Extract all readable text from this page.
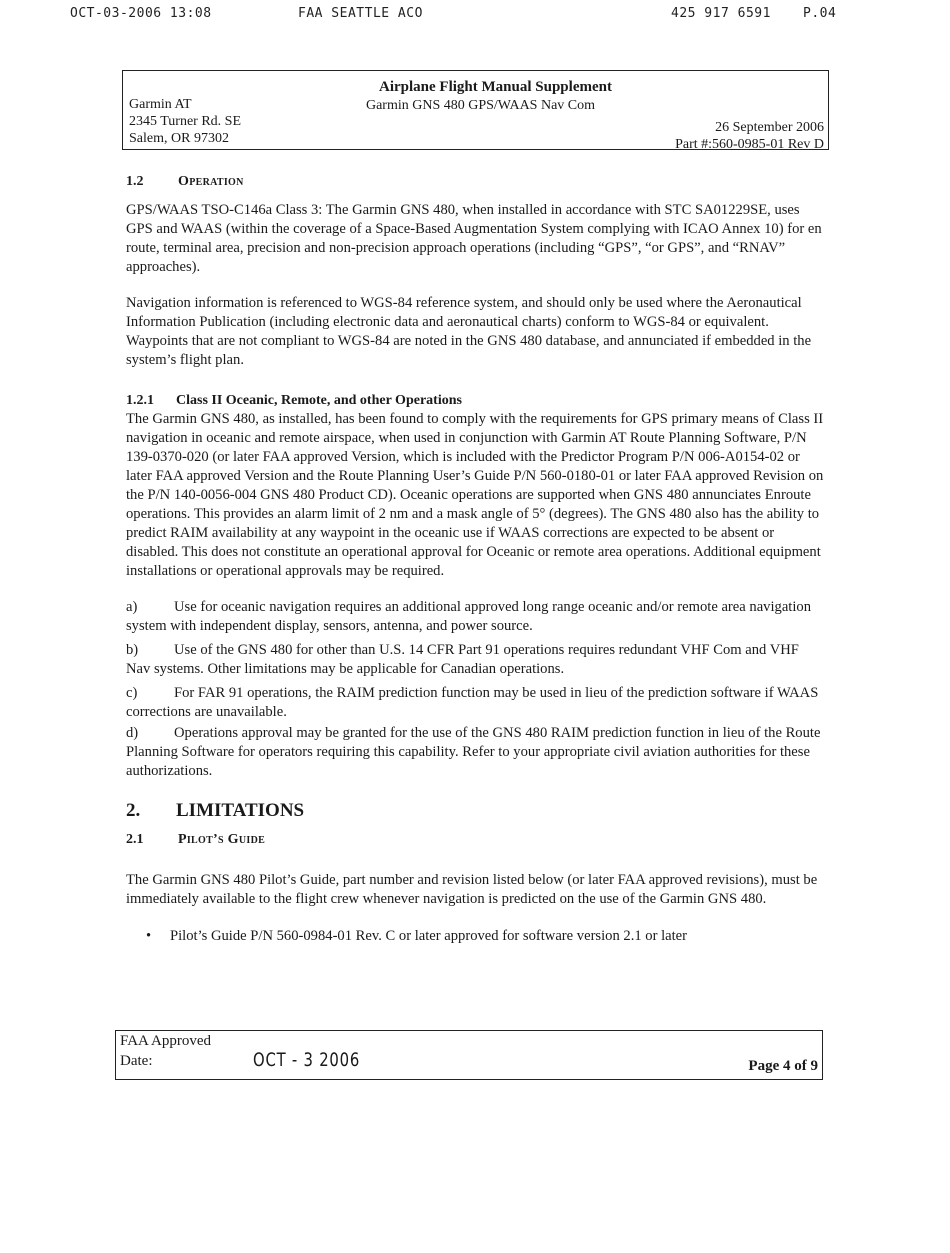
OCT-03-2006 13:08	FAA SEATTLE ACO	425 917 6591 P.04
Airplane Flight Manual Supplement
Garmin GNS 480 GPS/WAAS Nav Com
Garmin AT
2345 Turner Rd. SE
Salem, OR 97302
26 September 2006
Part #:560-0985-01 Rev D

1.2 Operation

GPS/WAAS TSO-C146a Class 3: The Garmin GNS 480, when installed in accordance with STC SA01229SE, uses GPS and WAAS (within the coverage of a Space-Based Augmentation System complying with ICAO Annex 10) for en route, terminal area, precision and non-precision approach operations (including “GPS”, “or GPS”, and “RNAV” approaches).

Navigation information is referenced to WGS-84 reference system, and should only be used where the Aeronautical Information Publication (including electronic data and aeronautical charts) conform to WGS-84 or equivalent. Waypoints that are not compliant to WGS-84 are noted in the GNS 480 database, and annunciated if embedded in the system’s flight plan.

1.2.1 Class II Oceanic, Remote, and other Operations

The Garmin GNS 480, as installed, has been found to comply with the requirements for GPS primary means of Class II navigation in oceanic and remote airspace, when used in conjunction with Garmin AT Route Planning Software, P/N 139-0370-020 (or later FAA approved Version, which is included with the Predictor Program P/N 006-A0154-02 or later FAA approved Version and the Route Planning User’s Guide P/N 560-0180-01 or later FAA approved Revision on the P/N 140-0056-004 GNS 480 Product CD). Oceanic operations are supported when GNS 480 annunciates Enroute operations. This provides an alarm limit of 2 nm and a mask angle of 5° (degrees). The GNS 480 also has the ability to predict RAIM availability at any waypoint in the oceanic use if WAAS corrections are expected to be absent or disabled. This does not constitute an operational approval for Oceanic or remote area operations. Additional equipment installations or operational approvals may be required.

a)	Use for oceanic navigation requires an additional approved long range oceanic and/or remote area navigation system with independent display, sensors, antenna, and power source.

b) Use of the GNS 480 for other than U.S. 14 CFR Part 91 operations requires redundant VHF Com and VHF Nav systems. Other limitations may be applicable for Canadian operations.

c)	For FAR 91 operations, the RAIM prediction function may be used in lieu of the prediction software if WAAS corrections are unavailable.

d) Operations approval may be granted for the use of the GNS 480 RAIM prediction function in lieu of the Route Planning Software for operators requiring this capability. Refer to your appropriate civil aviation authorities for these authorizations.

2. LIMITATIONS

2.1 Pilot’s Guide

The Garmin GNS 480 Pilot’s Guide, part number and revision listed below (or later FAA approved revisions), must be immediately available to the flight crew whenever navigation is predicted on the use of the Garmin GNS 480.

• Pilot’s Guide P/N 560-0984-01 Rev. C or later approved for software version 2.1 or later

FAA Approved
Date:	OCT - 3 2006	Page 4 of 9
